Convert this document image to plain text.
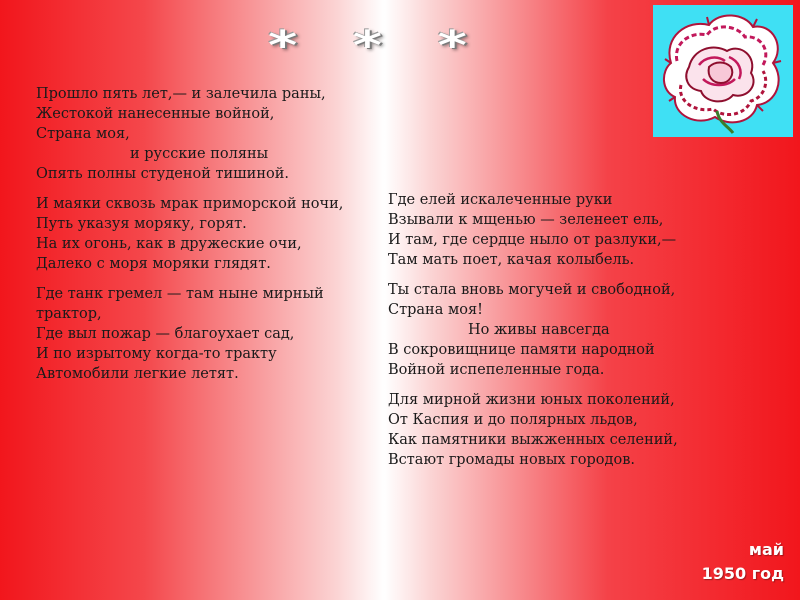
* * *
Прошло пять лет,— и залечила раны,
Жестокой нанесенные войной,
Страна моя,
и русские поляны
Опять полны студеной тишиной.
И маяки сквозь мрак приморской ночи,
Путь указуя моряку, горят.
На их огонь, как в дружеские очи,
Далеко с моря моряки глядят.
Где танк гремел — там ныне мирный трактор,
Где выл пожар — благоухает сад,
И по изрытому когда-то тракту
Автомобили легкие летят.
Где елей искалеченные руки
Взывали к мщенью — зеленеет ель,
И там, где сердце ныло от разлуки,—
Там мать поет, качая колыбель.
Ты стала вновь могучей и свободной,
Страна моя!
Но живы навсегда
В сокровищнице памяти народной
Войной испепеленные года.
Для мирной жизни юных поколений,
От Каспия и до полярных льдов,
Как памятники выжженных селений,
Встают громады новых городов.
май
1950 год
